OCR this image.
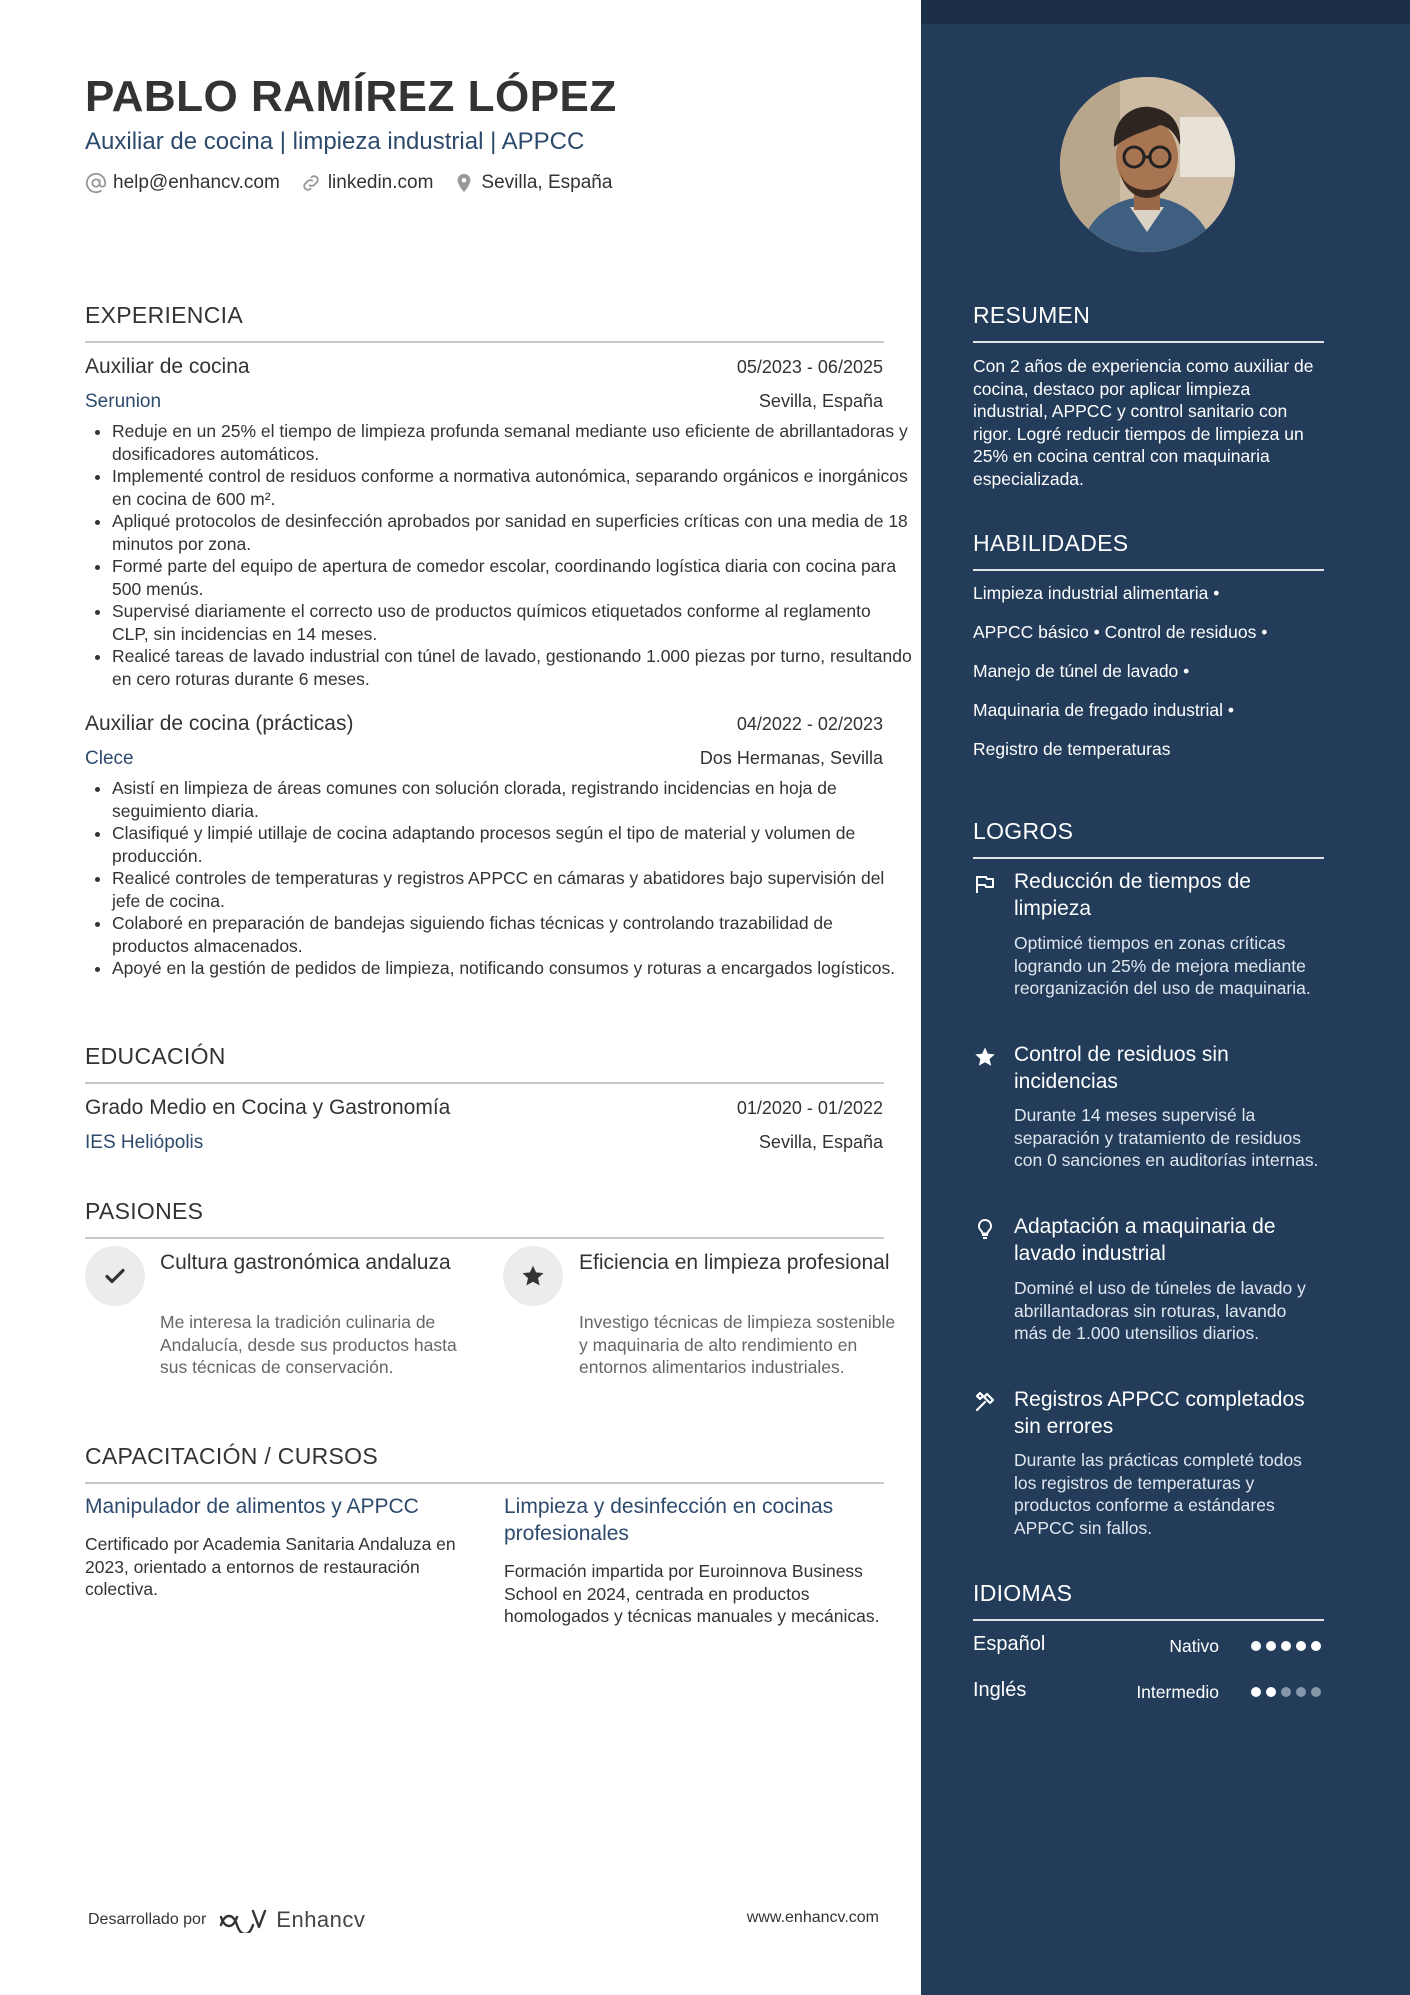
PABLO RAMÍREZ LÓPEZ
Auxiliar de cocina | limpieza industrial | APPCC
help@enhancv.com	linkedin.com	Sevilla, España
EXPERIENCIA
Auxiliar de cocina	05/2023 - 06/2025
Serunion	Sevilla, España
• Reduje en un 25% el tiempo de limpieza profunda semanal mediante uso eficiente de abrillantadoras y dosificadores automáticos.
• Implementé control de residuos conforme a normativa autonómica, separando orgánicos e inorgánicos en cocina de 600 m².
• Apliqué protocolos de desinfección aprobados por sanidad en superficies críticas con una media de 18 minutos por zona.
• Formé parte del equipo de apertura de comedor escolar, coordinando logística diaria con cocina para 500 menús.
• Supervisé diariamente el correcto uso de productos químicos etiquetados conforme al reglamento CLP, sin incidencias en 14 meses.
• Realicé tareas de lavado industrial con túnel de lavado, gestionando 1.000 piezas por turno, resultando en cero roturas durante 6 meses.
Auxiliar de cocina (prácticas)	04/2022 - 02/2023
Clece	Dos Hermanas, Sevilla
• Asistí en limpieza de áreas comunes con solución clorada, registrando incidencias en hoja de seguimiento diaria.
• Clasifiqué y limpié utillaje de cocina adaptando procesos según el tipo de material y volumen de producción.
• Realicé controles de temperaturas y registros APPCC en cámaras y abatidores bajo supervisión del jefe de cocina.
• Colaboré en preparación de bandejas siguiendo fichas técnicas y controlando trazabilidad de productos almacenados.
• Apoyé en la gestión de pedidos de limpieza, notificando consumos y roturas a encargados logísticos.
EDUCACIÓN
Grado Medio en Cocina y Gastronomía	01/2020 - 01/2022
IES Heliópolis	Sevilla, España
PASIONES
Cultura gastronómica andaluza
Me interesa la tradición culinaria de Andalucía, desde sus productos hasta sus técnicas de conservación.
Eficiencia en limpieza profesional
Investigo técnicas de limpieza sostenible y maquinaria de alto rendimiento en entornos alimentarios industriales.
CAPACITACIÓN / CURSOS
Manipulador de alimentos y APPCC
Certificado por Academia Sanitaria Andaluza en 2023, orientado a entornos de restauración colectiva.
Limpieza y desinfección en cocinas profesionales
Formación impartida por Euroinnova Business School en 2024, centrada en productos homologados y técnicas manuales y mecánicas.
Desarrollado por	Enhancv	www.enhancv.com
RESUMEN
Con 2 años de experiencia como auxiliar de cocina, destaco por aplicar limpieza industrial, APPCC y control sanitario con rigor. Logré reducir tiempos de limpieza un 25% en cocina central con maquinaria especializada.
HABILIDADES
Limpieza industrial alimentaria •
APPCC básico • Control de residuos •
Manejo de túnel de lavado •
Maquinaria de fregado industrial •
Registro de temperaturas
LOGROS
Reducción de tiempos de limpieza
Optimicé tiempos en zonas críticas logrando un 25% de mejora mediante reorganización del uso de maquinaria.
Control de residuos sin incidencias
Durante 14 meses supervisé la separación y tratamiento de residuos con 0 sanciones en auditorías internas.
Adaptación a maquinaria de lavado industrial
Dominé el uso de túneles de lavado y abrillantadoras sin roturas, lavando más de 1.000 utensilios diarios.
Registros APPCC completados sin errores
Durante las prácticas completé todos los registros de temperaturas y productos conforme a estándares APPCC sin fallos.
IDIOMAS
Español	Nativo
Inglés	Intermedio
